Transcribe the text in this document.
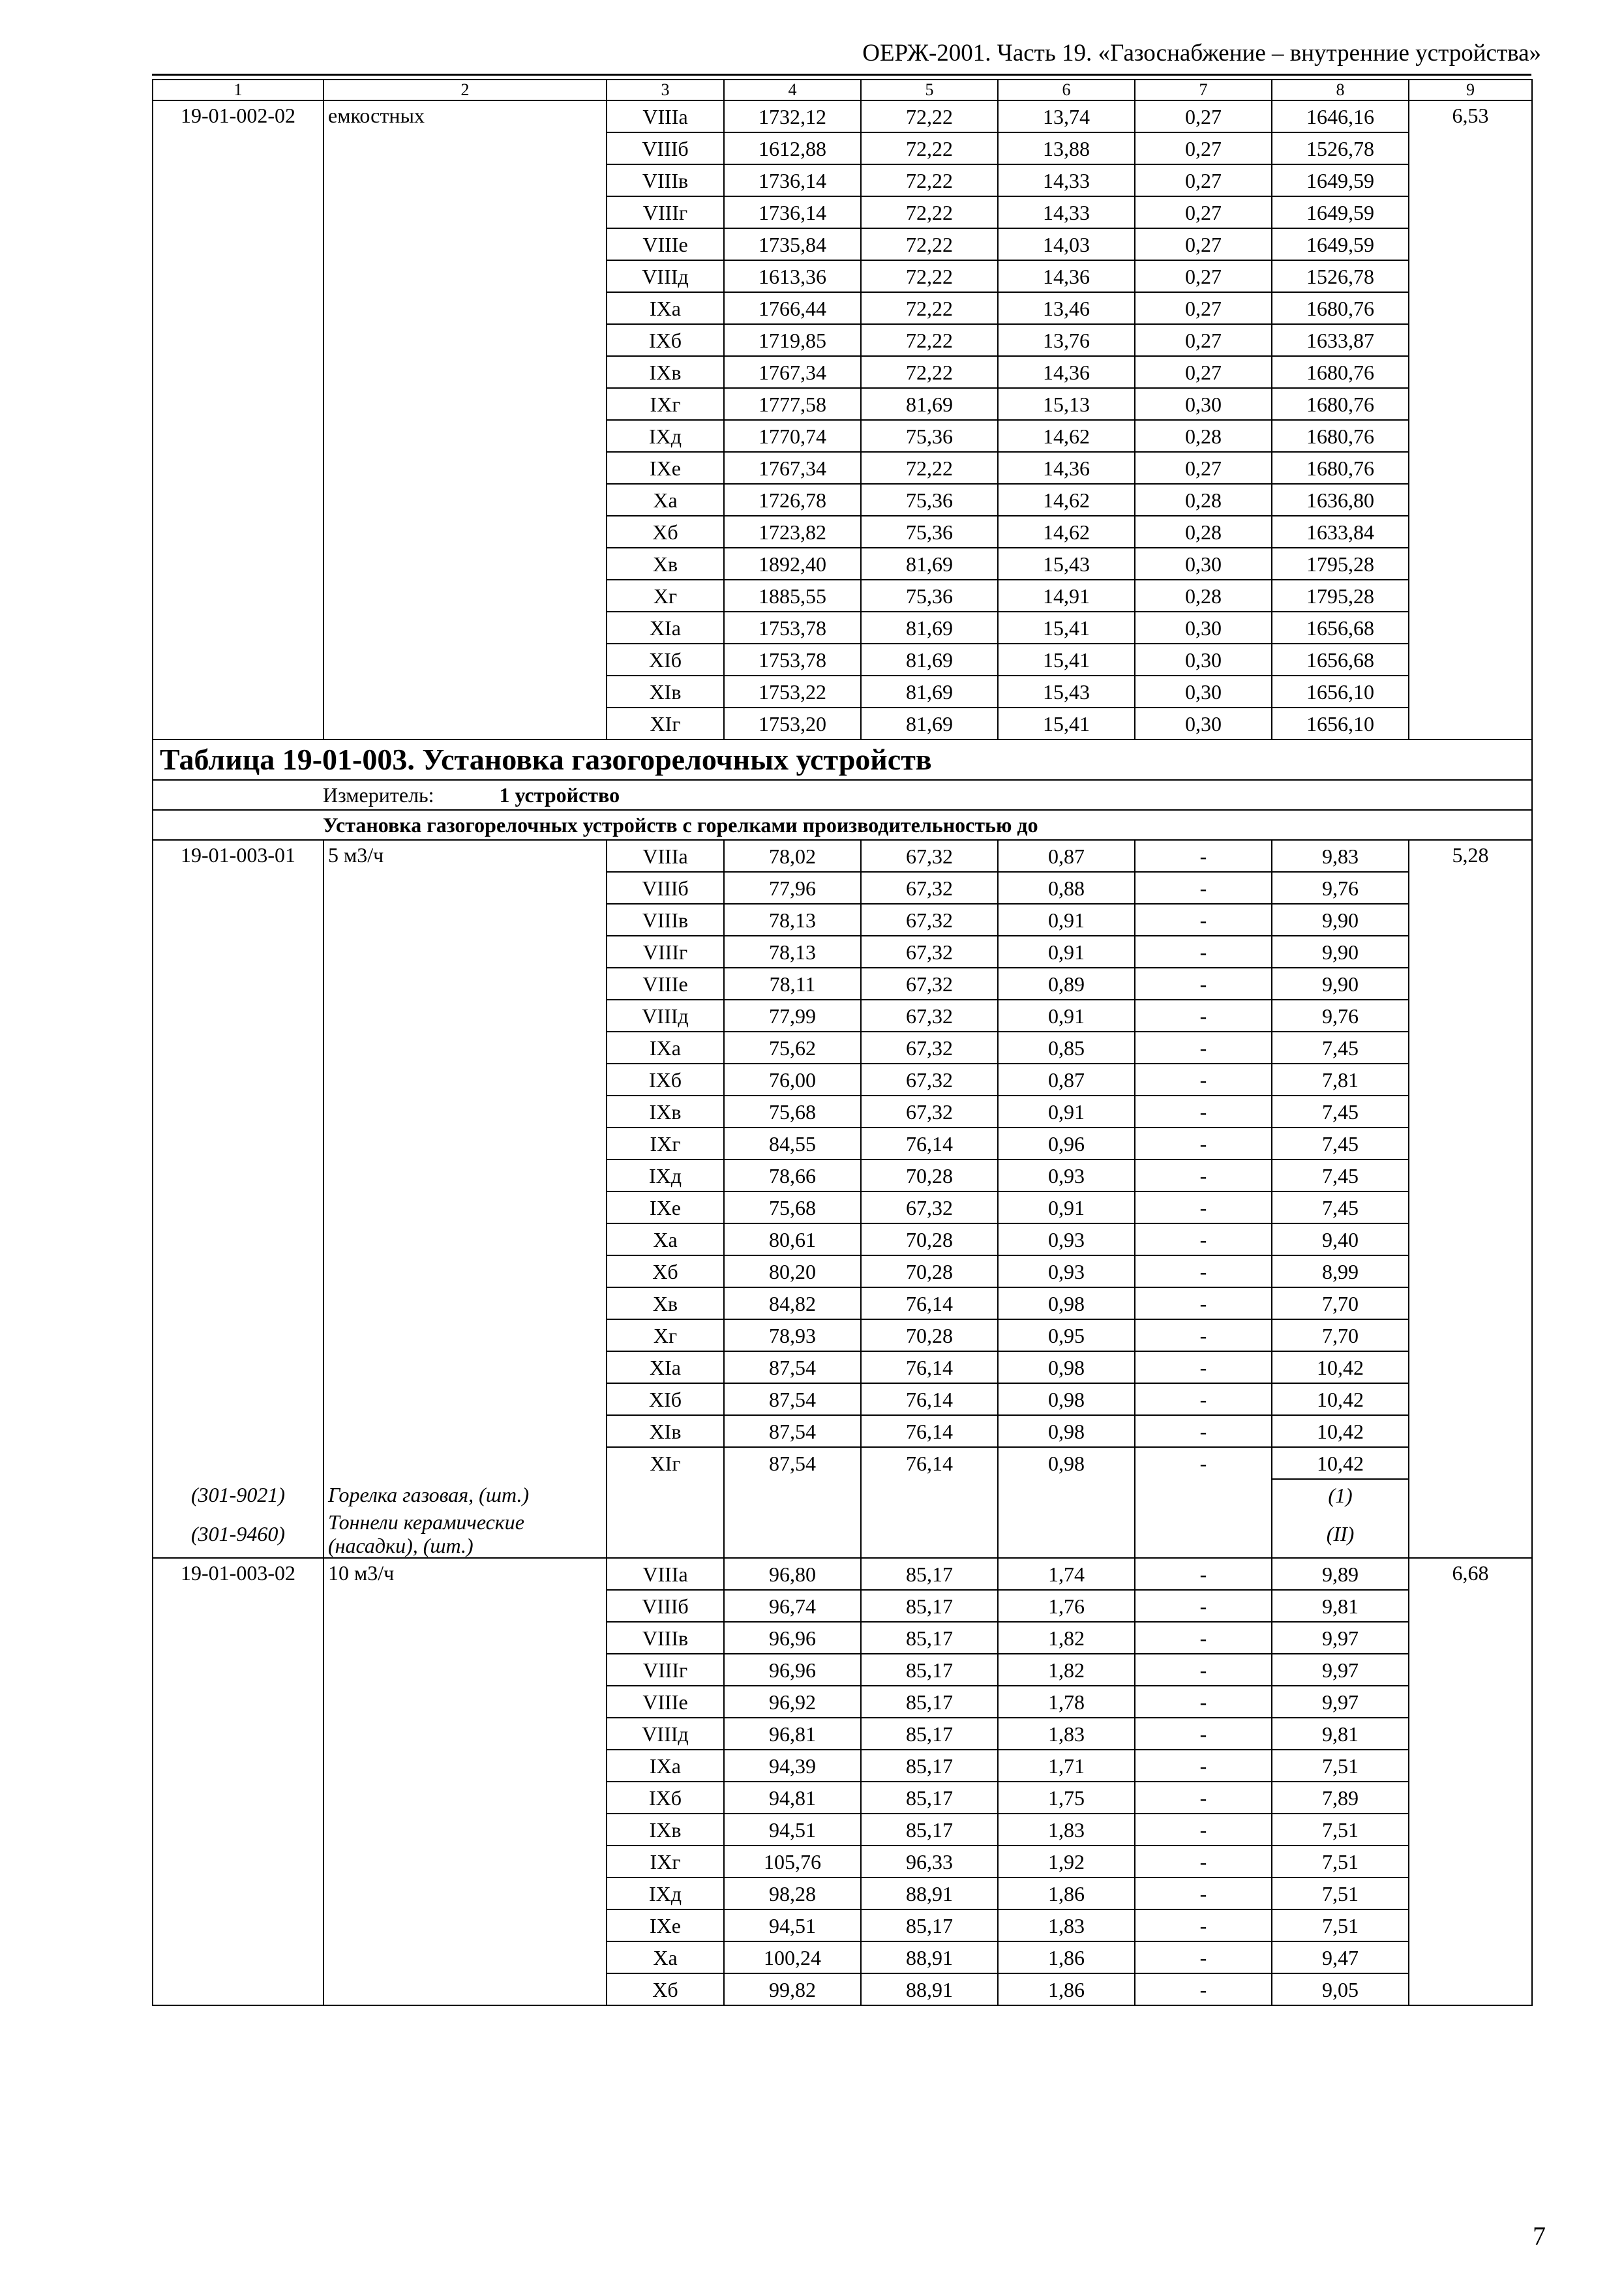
ОЕРЖ-2001. Часть 19. «Газоснабжение – внутренние устройства»
1	2	3	4	5	6	7	8	9
19-01-002-02	емкостных	VIIIа	1732,12	72,22	13,74	0,27	1646,16	6,53
		VIIIб	1612,88	72,22	13,88	0,27	1526,78	
		VIIIв	1736,14	72,22	14,33	0,27	1649,59	
		VIIIг	1736,14	72,22	14,33	0,27	1649,59	
		VIIIе	1735,84	72,22	14,03	0,27	1649,59	
		VIIIд	1613,36	72,22	14,36	0,27	1526,78	
		IXа	1766,44	72,22	13,46	0,27	1680,76	
		IXб	1719,85	72,22	13,76	0,27	1633,87	
		IXв	1767,34	72,22	14,36	0,27	1680,76	
		IXг	1777,58	81,69	15,13	0,30	1680,76	
		IXд	1770,74	75,36	14,62	0,28	1680,76	
		IXе	1767,34	72,22	14,36	0,27	1680,76	
		Xа	1726,78	75,36	14,62	0,28	1636,80	
		Xб	1723,82	75,36	14,62	0,28	1633,84	
		Xв	1892,40	81,69	15,43	0,30	1795,28	
		Xг	1885,55	75,36	14,91	0,28	1795,28	
		XIа	1753,78	81,69	15,41	0,30	1656,68	
		XIб	1753,78	81,69	15,41	0,30	1656,68	
		XIв	1753,22	81,69	15,43	0,30	1656,10	
		XIг	1753,20	81,69	15,41	0,30	1656,10	
Таблица 19-01-003. Установка газогорелочных устройств								
Измеритель: 1 устройство								
Установка газогорелочных устройств с горелками производительностью до								
19-01-003-01	5 м3/ч	VIIIа	78,02	67,32	0,87	-	9,83	5,28
		VIIIб	77,96	67,32	0,88	-	9,76	
		VIIIв	78,13	67,32	0,91	-	9,90	
		VIIIг	78,13	67,32	0,91	-	9,90	
		VIIIе	78,11	67,32	0,89	-	9,90	
		VIIIд	77,99	67,32	0,91	-	9,76	
		IXа	75,62	67,32	0,85	-	7,45	
		IXб	76,00	67,32	0,87	-	7,81	
		IXв	75,68	67,32	0,91	-	7,45	
		IXг	84,55	76,14	0,96	-	7,45	
		IXд	78,66	70,28	0,93	-	7,45	
		IXе	75,68	67,32	0,91	-	7,45	
		Xа	80,61	70,28	0,93	-	9,40	
		Xб	80,20	70,28	0,93	-	8,99	
		Xв	84,82	76,14	0,98	-	7,70	
		Xг	78,93	70,28	0,95	-	7,70	
		XIа	87,54	76,14	0,98	-	10,42	
		XIб	87,54	76,14	0,98	-	10,42	
		XIв	87,54	76,14	0,98	-	10,42	
		XIг	87,54	76,14	0,98	-	10,42	
(301-9021)	Горелка газовая, (шт.)						(1)	
(301-9460)	Тоннели керамические (насадки), (шт.)						(II)	
19-01-003-02	10 м3/ч	VIIIа	96,80	85,17	1,74	-	9,89	6,68
		VIIIб	96,74	85,17	1,76	-	9,81	
		VIIIв	96,96	85,17	1,82	-	9,97	
		VIIIг	96,96	85,17	1,82	-	9,97	
		VIIIе	96,92	85,17	1,78	-	9,97	
		VIIIд	96,81	85,17	1,83	-	9,81	
		IXа	94,39	85,17	1,71	-	7,51	
		IXб	94,81	85,17	1,75	-	7,89	
		IXв	94,51	85,17	1,83	-	7,51	
		IXг	105,76	96,33	1,92	-	7,51	
		IXд	98,28	88,91	1,86	-	7,51	
		IXе	94,51	85,17	1,83	-	7,51	
		Xа	100,24	88,91	1,86	-	9,47	
		Xб	99,82	88,91	1,86	-	9,05	
7
